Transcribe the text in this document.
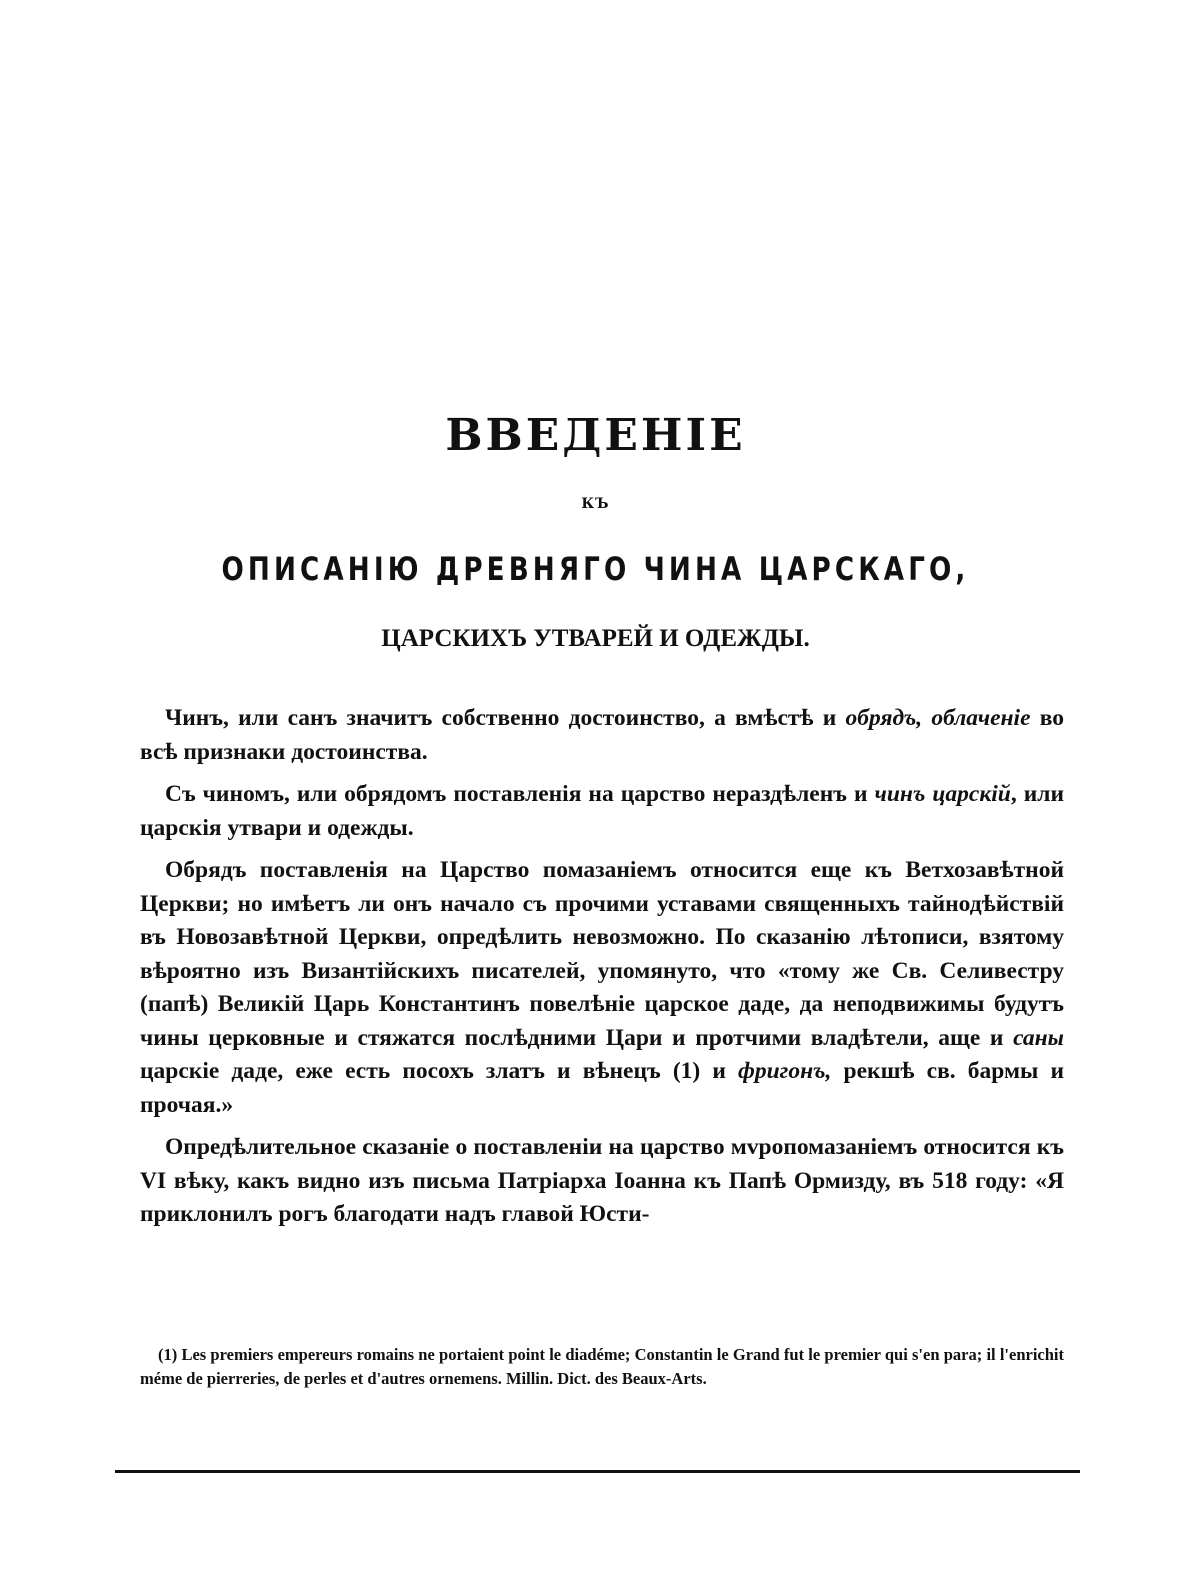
ВВЕДЕНІЕ
КЪ
ОПИСАНІЮ ДРЕВНЯГО ЧИНА ЦАРСКАГО,
ЦАРСКИХЪ УТВАРЕЙ И ОДЕЖДЫ.

Чинъ, или санъ значитъ собственно достоинство, а вмѣстѣ и обрядъ, облаченіе во всѣ признаки достоинства.

Съ чиномъ, или обрядомъ поставленія на царство нераздѣленъ и чинъ царскій, или царскія утвари и одежды.

Обрядъ поставленія на Царство помазаніемъ относится еще къ Ветхозавѣтной Церкви; но имѣетъ ли онъ начало съ прочими уставами священныхъ тайнодѣйствій въ Новозавѣтной Церкви, опредѣлить невозможно. По сказанію лѣтописи, взятому вѣроятно изъ Византійскихъ писателей, упомянуто, что «тому же Св. Селивестру (папѣ) Великій Царь Константинъ повелѣніе царское даде, да неподвижимы будутъ чины церковные и стяжатся послѣдними Цари и протчими владѣтели, аще и саны царскіе даде, еже есть посохъ златъ и вѣнецъ (1) и фригонъ, рекшѣ св. бармы и прочая.»

Опредѣлительное сказаніе о поставленіи на царство мvропомазаніемъ относится къ VI вѣку, какъ видно изъ письма Патріарха Іоанна къ Папѣ Ормизду, въ 518 году: «Я приклонилъ рогъ благодати надъ главой Юсти-

(1) Les premiers empereurs romains ne portaient point le diadéme; Constantin le Grand fut le premier qui s'en para; il l'enrichit méme de pierreries, de perles et d'autres ornemens. Millin. Dict. des Beaux-Arts.
